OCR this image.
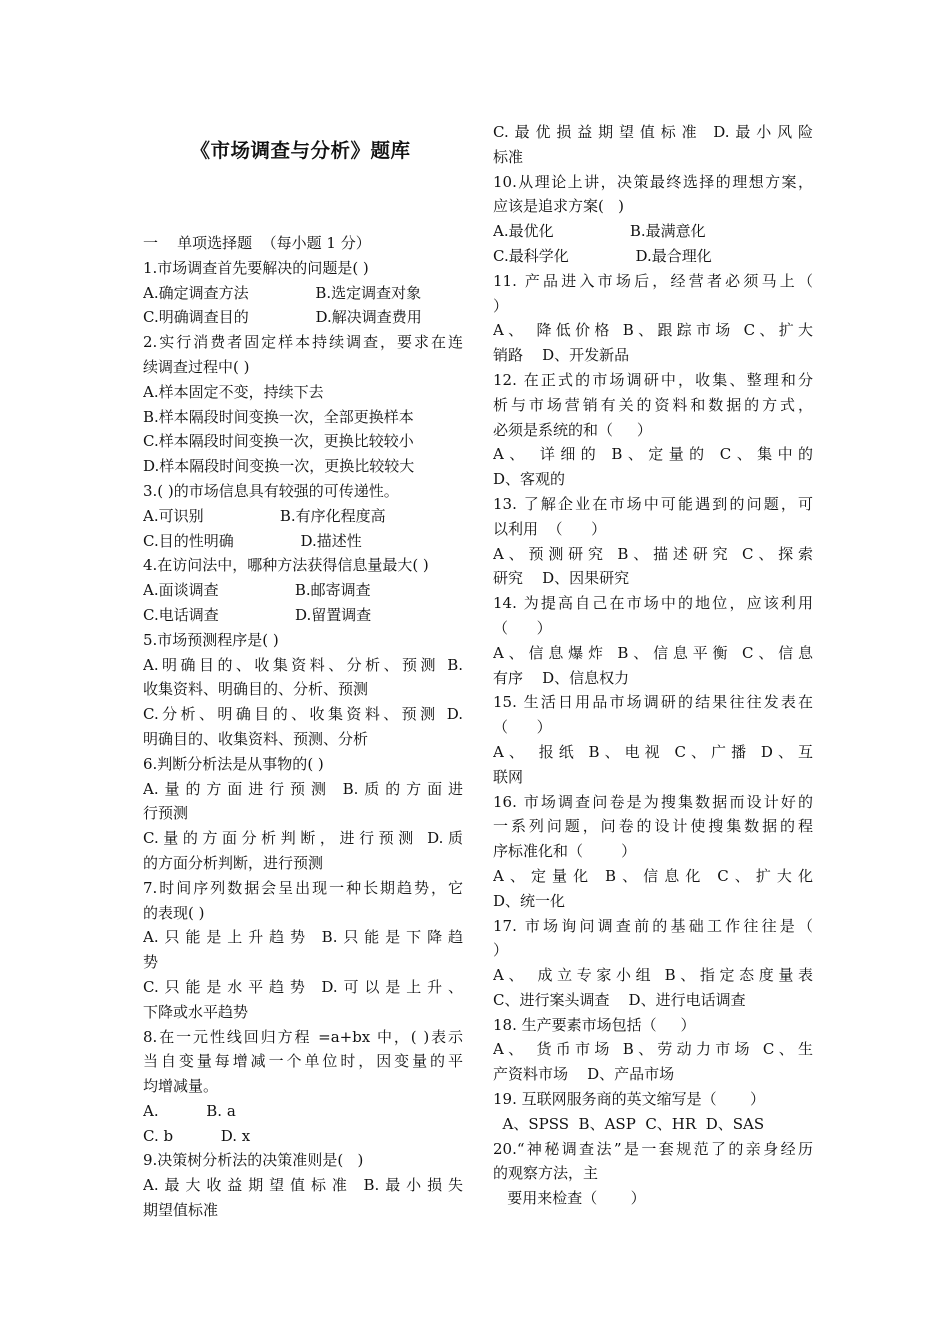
《市场调查与分析》题库
一    单项选择题  （每小题 1 分）
1.市场调查首先要解决的问题是( )
A.确定调查方法              B.选定调查对象
C.明确调查目的              D.解决调查费用
2.实行消费者固定样本持续调查，要求在连
续调查过程中( )
A.样本固定不变，持续下去
B.样本隔段时间变换一次，全部更换样本
C.样本隔段时间变换一次，更换比较较小
D.样本隔段时间变换一次，更换比较较大
3.( )的市场信息具有较强的可传递性。
A.可识别                B.有序化程度高
C.目的性明确              D.描述性
4.在访问法中，哪种方法获得信息量最大( )
A.面谈调查                B.邮寄调查
C.电话调查                D.留置调查
5.市场预测程序是( )
A.明确目的、收集资料、分析、预测 B.
收集资料、明确目的、分析、预测
C.分析、明确目的、收集资料、预测 D.
明确目的、收集资料、预测、分析
6.判断分析法是从事物的( )
A.量的方面进行预测 B.质的方面进
行预测
C.量的方面分析判断，进行预测 D.质
的方面分析判断，进行预测
7.时间序列数据会呈出现一种长期趋势，它
的表现( )
A.只能是上升趋势 B.只能是下降趋
势
C.只能是水平趋势 D.可以是上升、
下降或水平趋势
8.在一元性线回归方程 =a+bx 中，( )表示
当自变量每增减一个单位时，因变量的平
均增减量。
A.          B. a
C. b          D. x
9.决策树分析法的决策准则是(   )
A.最大收益期望值标准 B.最小损失
期望值标准
C.最优损益期望值标准 D.最小风险
标准
10.从理论上讲，决策最终选择的理想方案，
应该是追求方案(   )
A.最优化                B.最满意化
C.最科学化              D.最合理化
11. 产品进入市场后，经营者必须马上（
）
A、 降低价格 B、跟踪市场 C、扩大
销路    D、开发新品
12. 在正式的市场调研中，收集、整理和分
析与市场营销有关的资料和数据的方式，
必须是系统的和（     ）
A、 详细的 B、定量的 C、集中的
D、客观的
13. 了解企业在市场中可能遇到的问题，可
以利用  （      ）
A、预测研究 B、描述研究 C、探索
研究    D、因果研究
14. 为提高自己在市场中的地位，应该利用
（      ）
A、信息爆炸 B、信息平衡 C、信息
有序    D、信息权力
15. 生活日用品市场调研的结果往往发表在
（      ）
A、 报纸 B、电视 C、广播 D、互
联网
16. 市场调查问卷是为搜集数据而设计好的
一系列问题，问卷的设计使搜集数据的程
序标准化和（        ）
A、定量化 B、信息化 C、扩大化
D、统一化
17. 市场询问调查前的基础工作往往是（
）
A、 成立专家小组 B、指定态度量表
C、进行案头调查    D、进行电话调查
18. 生产要素市场包括（     ）
A、 货币市场 B、劳动力市场 C、生
产资料市场    D、产品市场
19. 互联网服务商的英文缩写是（       ）
A、SPSS  B、ASP  C、HR  D、SAS
20.“神秘调查法”是一套规范了的亲身经历
的观察方法，主
要用来检查（       ）
